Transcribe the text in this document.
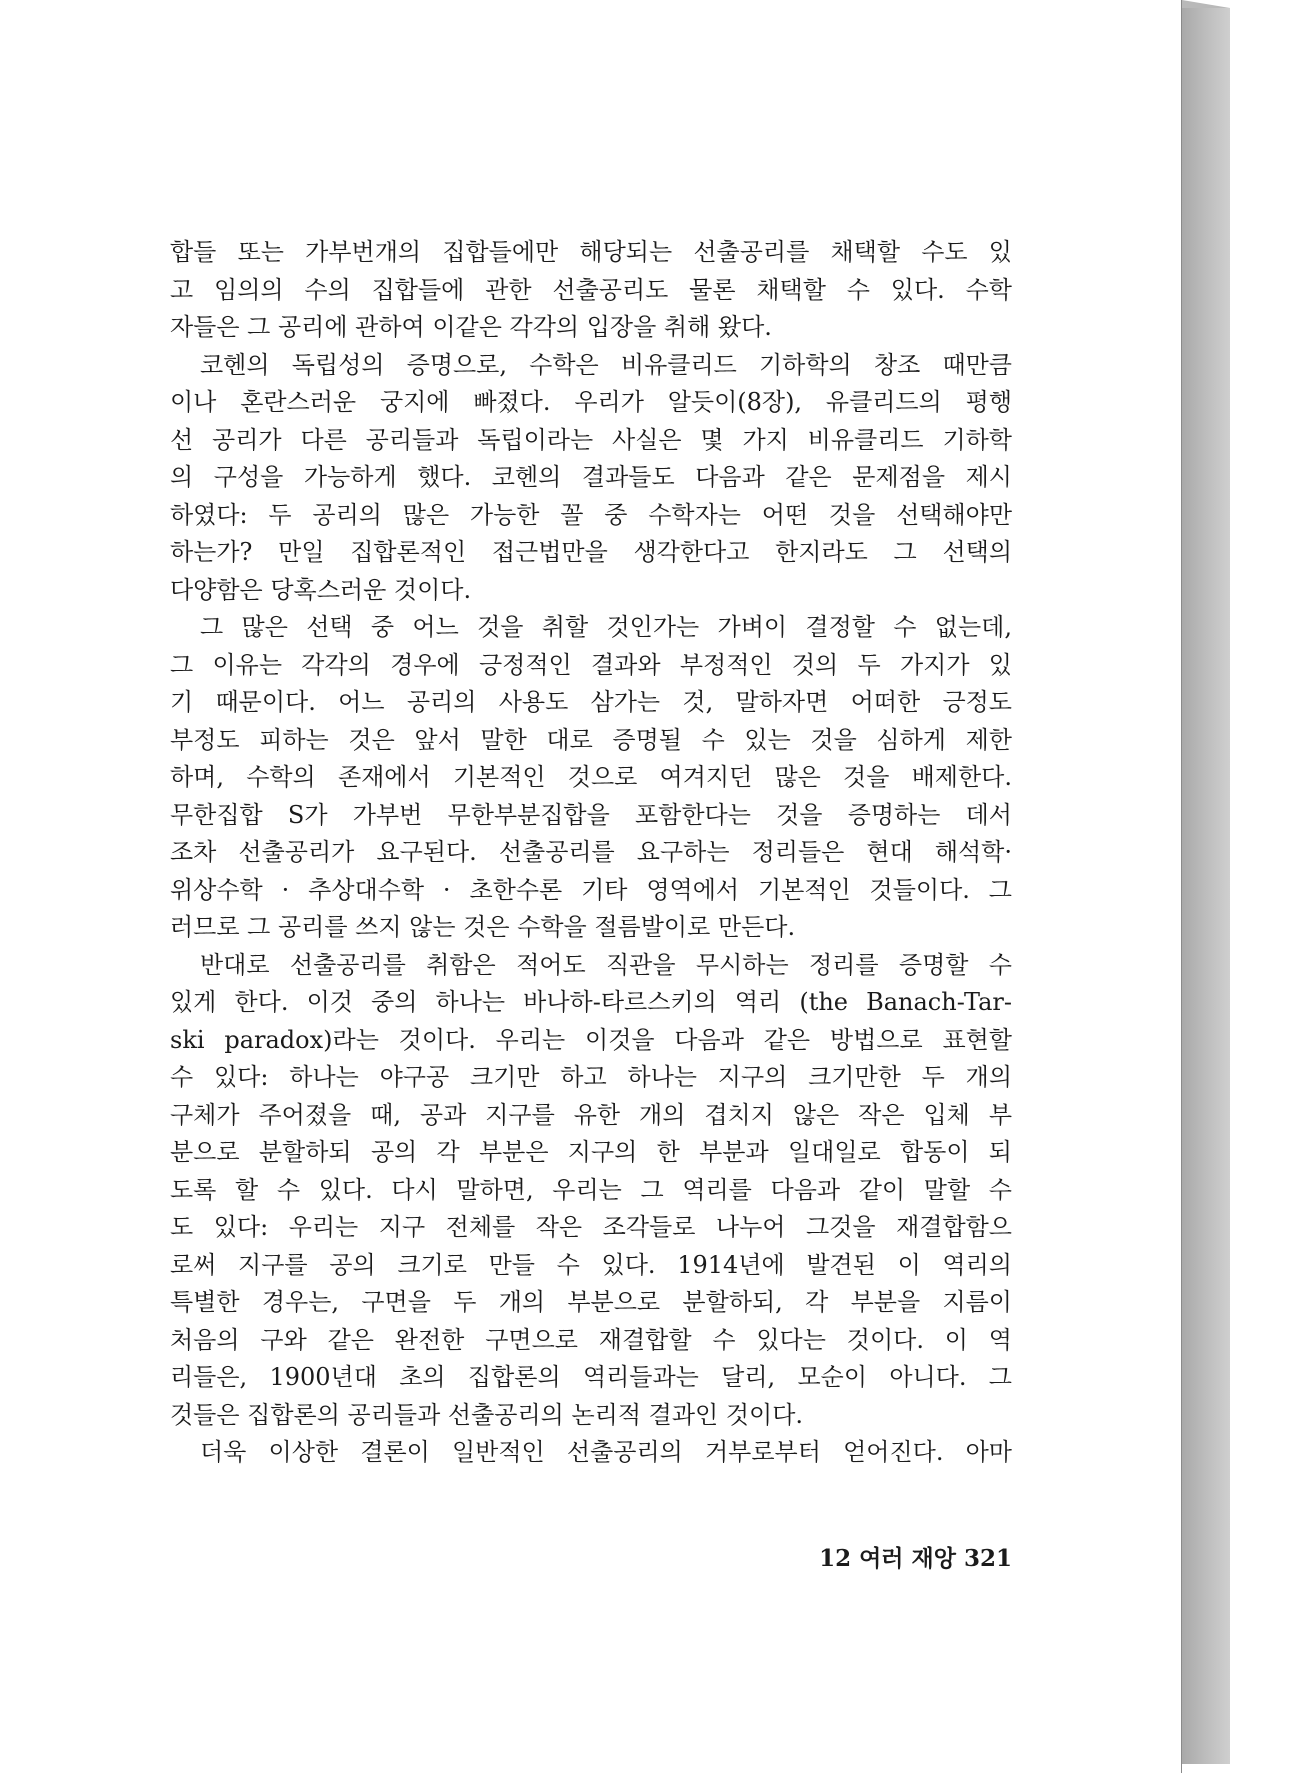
합들 또는 가부번개의 집합들에만 해당되는 선출공리를 채택할 수도 있
고 임의의 수의 집합들에 관한 선출공리도 물론 채택할 수 있다. 수학
자들은 그 공리에 관하여 이같은 각각의 입장을 취해 왔다.
코헨의 독립성의 증명으로, 수학은 비유클리드 기하학의 창조 때만큼
이나 혼란스러운 궁지에 빠졌다. 우리가 알듯이(8장), 유클리드의 평행
선 공리가 다른 공리들과 독립이라는 사실은 몇 가지 비유클리드 기하학
의 구성을 가능하게 했다. 코헨의 결과들도 다음과 같은 문제점을 제시
하였다: 두 공리의 많은 가능한 꼴 중 수학자는 어떤 것을 선택해야만
하는가? 만일 집합론적인 접근법만을 생각한다고 한지라도 그 선택의
다양함은 당혹스러운 것이다.
그 많은 선택 중 어느 것을 취할 것인가는 가벼이 결정할 수 없는데,
그 이유는 각각의 경우에 긍정적인 결과와 부정적인 것의 두 가지가 있
기 때문이다. 어느 공리의 사용도 삼가는 것, 말하자면 어떠한 긍정도
부정도 피하는 것은 앞서 말한 대로 증명될 수 있는 것을 심하게 제한
하며, 수학의 존재에서 기본적인 것으로 여겨지던 많은 것을 배제한다.
무한집합 S가 가부번 무한부분집합을 포함한다는 것을 증명하는 데서
조차 선출공리가 요구된다. 선출공리를 요구하는 정리들은 현대 해석학·
위상수학 · 추상대수학 · 초한수론 기타 영역에서 기본적인 것들이다. 그
러므로 그 공리를 쓰지 않는 것은 수학을 절름발이로 만든다.
반대로 선출공리를 취함은 적어도 직관을 무시하는 정리를 증명할 수
있게 한다. 이것 중의 하나는 바나하-타르스키의 역리 (the Banach-Tar-
ski paradox)라는 것이다. 우리는 이것을 다음과 같은 방법으로 표현할
수 있다: 하나는 야구공 크기만 하고 하나는 지구의 크기만한 두 개의
구체가 주어졌을 때, 공과 지구를 유한 개의 겹치지 않은 작은 입체 부
분으로 분할하되 공의 각 부분은 지구의 한 부분과 일대일로 합동이 되
도록 할 수 있다. 다시 말하면, 우리는 그 역리를 다음과 같이 말할 수
도 있다: 우리는 지구 전체를 작은 조각들로 나누어 그것을 재결합함으
로써 지구를 공의 크기로 만들 수 있다. 1914년에 발견된 이 역리의
특별한 경우는, 구면을 두 개의 부분으로 분할하되, 각 부분을 지름이
처음의 구와 같은 완전한 구면으로 재결합할 수 있다는 것이다. 이 역
리들은, 1900년대 초의 집합론의 역리들과는 달리, 모순이 아니다. 그
것들은 집합론의 공리들과 선출공리의 논리적 결과인 것이다.
더욱 이상한 결론이 일반적인 선출공리의 거부로부터 얻어진다. 아마
12 여러 재앙 321
